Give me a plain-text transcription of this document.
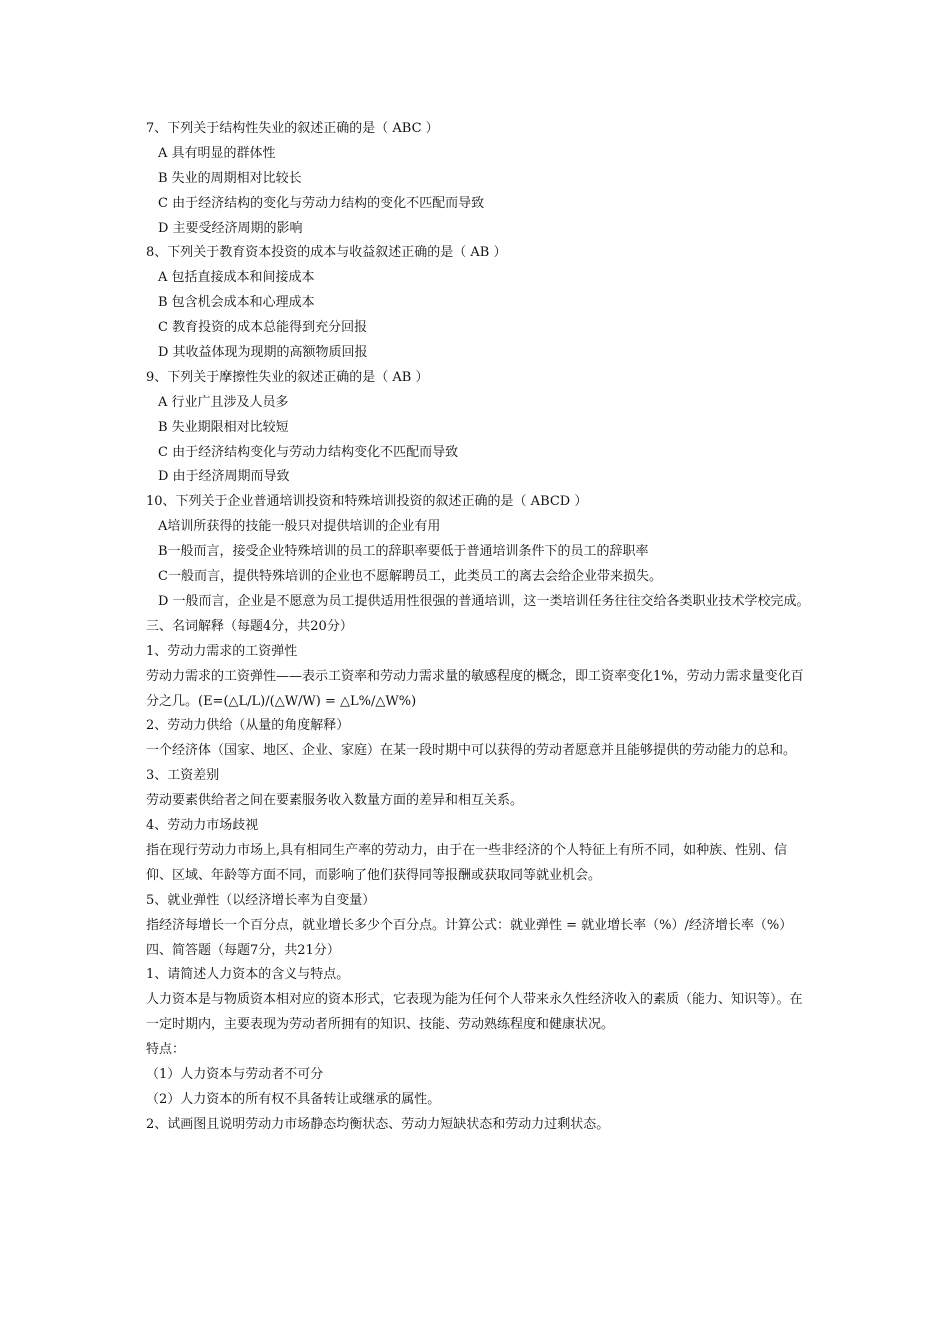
7、下列关于结构性失业的叙述正确的是（ ABC ）
A 具有明显的群体性
B 失业的周期相对比较长
C 由于经济结构的变化与劳动力结构的变化不匹配而导致
D 主要受经济周期的影响
8、下列关于教育资本投资的成本与收益叙述正确的是（ AB ）
A 包括直接成本和间接成本
B 包含机会成本和心理成本
C 教育投资的成本总能得到充分回报
D 其收益体现为现期的高额物质回报
9、下列关于摩擦性失业的叙述正确的是（ AB ）
A 行业广且涉及人员多
B 失业期限相对比较短
C 由于经济结构变化与劳动力结构变化不匹配而导致
D 由于经济周期而导致
10、下列关于企业普通培训投资和特殊培训投资的叙述正确的是（ ABCD ）
A培训所获得的技能一般只对提供培训的企业有用
B一般而言，接受企业特殊培训的员工的辞职率要低于普通培训条件下的员工的辞职率
C一般而言，提供特殊培训的企业也不愿解聘员工，此类员工的离去会给企业带来损失。
D 一般而言，企业是不愿意为员工提供适用性很强的普通培训，这一类培训任务往往交给各类职业技术学校完成。
三、名词解释（每题4分，共20分）
1、劳动力需求的工资弹性
劳动力需求的工资弹性——表示工资率和劳动力需求量的敏感程度的概念，即工资率变化1%，劳动力需求量变化百分之几。(E=(△L/L)/(△W/W) = △L%/△W%)
2、劳动力供给（从量的角度解释）
一个经济体（国家、地区、企业、家庭）在某一段时期中可以获得的劳动者愿意并且能够提供的劳动能力的总和。
3、工资差别
劳动要素供给者之间在要素服务收入数量方面的差异和相互关系。
4、劳动力市场歧视
指在现行劳动力市场上,具有相同生产率的劳动力，由于在一些非经济的个人特征上有所不同，如种族、性别、信仰、区域、年龄等方面不同，而影响了他们获得同等报酬或获取同等就业机会。
5、就业弹性（以经济增长率为自变量）
指经济每增长一个百分点，就业增长多少个百分点。计算公式：就业弹性 = 就业增长率（%）/经济增长率（%）
四、简答题（每题7分，共21分）
1、请简述人力资本的含义与特点。
人力资本是与物质资本相对应的资本形式，它表现为能为任何个人带来永久性经济收入的素质（能力、知识等）。在一定时期内，主要表现为劳动者所拥有的知识、技能、劳动熟练程度和健康状况。
特点：
（1）人力资本与劳动者不可分
（2）人力资本的所有权不具备转让或继承的属性。
2、试画图且说明劳动力市场静态均衡状态、劳动力短缺状态和劳动力过剩状态。
